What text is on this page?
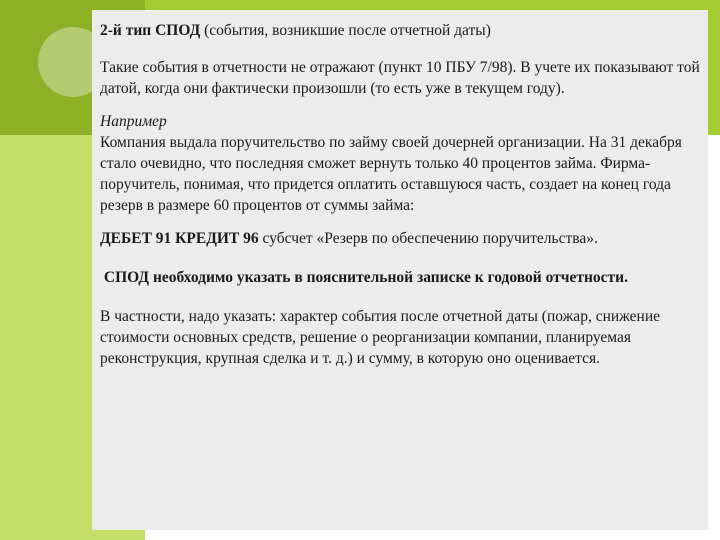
2-й тип СПОД (события, возникшие после отчетной даты)

Такие события в отчетности не отражают (пункт 10 ПБУ 7/98). В учете их показывают той датой, когда они фактически произошли (то есть уже в текущем году).

Например
Компания выдала поручительство по займу своей дочерней организации. На 31 декабря стало очевидно, что последняя сможет вернуть только 40 процентов займа. Фирма-поручитель, понимая, что придется оплатить оставшуюся часть, создает на конец года резерв в размере 60 процентов от суммы займа:

ДЕБЕТ 91 КРЕДИТ 96 субсчет «Резерв по обеспечению поручительства».

СПОД необходимо указать в пояснительной записке к годовой отчетности.

В частности, надо указать: характер события после отчетной даты (пожар, снижение стоимости основных средств, решение о реорганизации компании, планируемая реконструкция, крупная сделка и т. д.) и сумму, в которую оно оценивается.
